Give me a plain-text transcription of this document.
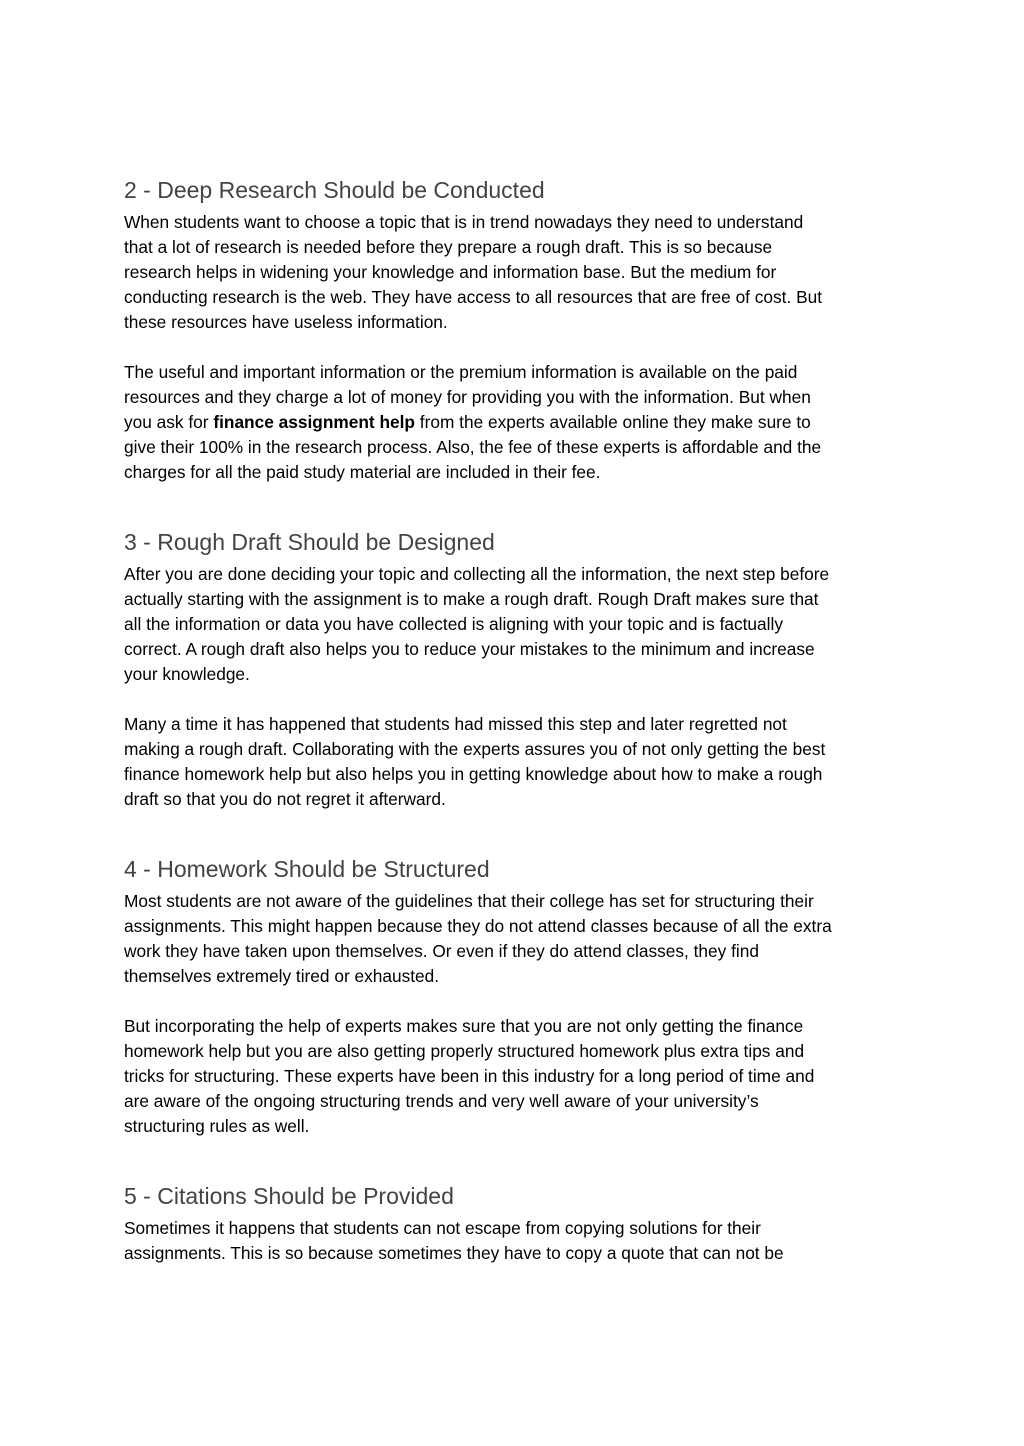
2 - Deep Research Should be Conducted

When students want to choose a topic that is in trend nowadays they need to understand
that a lot of research is needed before they prepare a rough draft. This is so because
research helps in widening your knowledge and information base. But the medium for
conducting research is the web. They have access to all resources that are free of cost. But
these resources have useless information.

The useful and important information or the premium information is available on the paid
resources and they charge a lot of money for providing you with the information. But when
you ask for finance assignment help from the experts available online they make sure to
give their 100% in the research process. Also, the fee of these experts is affordable and the
charges for all the paid study material are included in their fee.

3 - Rough Draft Should be Designed

After you are done deciding your topic and collecting all the information, the next step before
actually starting with the assignment is to make a rough draft. Rough Draft makes sure that
all the information or data you have collected is aligning with your topic and is factually
correct. A rough draft also helps you to reduce your mistakes to the minimum and increase
your knowledge.

Many a time it has happened that students had missed this step and later regretted not
making a rough draft. Collaborating with the experts assures you of not only getting the best
finance homework help but also helps you in getting knowledge about how to make a rough
draft so that you do not regret it afterward.

4 - Homework Should be Structured

Most students are not aware of the guidelines that their college has set for structuring their
assignments. This might happen because they do not attend classes because of all the extra
work they have taken upon themselves. Or even if they do attend classes, they find
themselves extremely tired or exhausted.

But incorporating the help of experts makes sure that you are not only getting the finance
homework help but you are also getting properly structured homework plus extra tips and
tricks for structuring. These experts have been in this industry for a long period of time and
are aware of the ongoing structuring trends and very well aware of your university’s
structuring rules as well.

5 - Citations Should be Provided

Sometimes it happens that students can not escape from copying solutions for their
assignments. This is so because sometimes they have to copy a quote that can not be
